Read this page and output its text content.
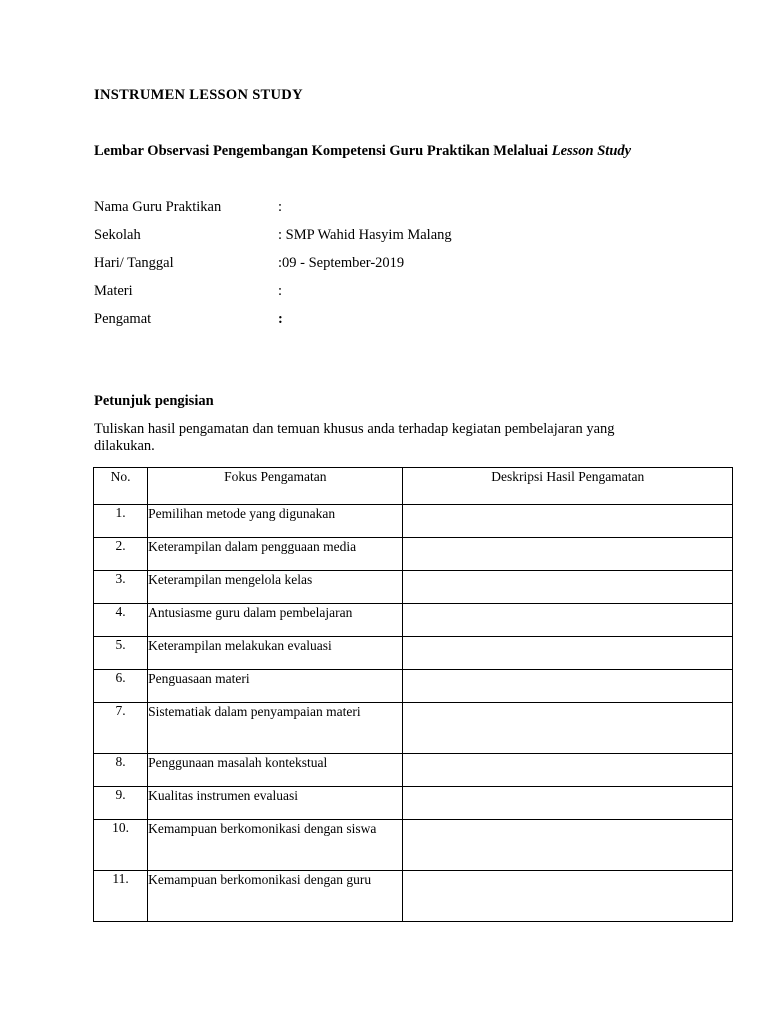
INSTRUMEN LESSON STUDY
Lembar Observasi Pengembangan Kompetensi Guru Praktikan Melaluai Lesson Study
Nama Guru Praktikan	:
Sekolah	: SMP Wahid Hasyim Malang
Hari/ Tanggal	:09 - September-2019
Materi	:
Pengamat	:
Petunjuk pengisian
Tuliskan hasil pengamatan dan temuan khusus anda terhadap kegiatan pembelajaran yang dilakukan.
No.	Fokus Pengamatan	Deskripsi Hasil Pengamatan
1.	Pemilihan metode yang digunakan	
2.	Keterampilan dalam pengguaan media	
3.	Keterampilan mengelola kelas	
4.	Antusiasme guru dalam pembelajaran	
5.	Keterampilan melakukan evaluasi	
6.	Penguasaan materi	
7.	Sistematiak dalam penyampaian materi	
8.	Penggunaan masalah kontekstual	
9.	Kualitas instrumen evaluasi	
10.	Kemampuan berkomonikasi dengan siswa	
11.	Kemampuan berkomonikasi dengan guru	
